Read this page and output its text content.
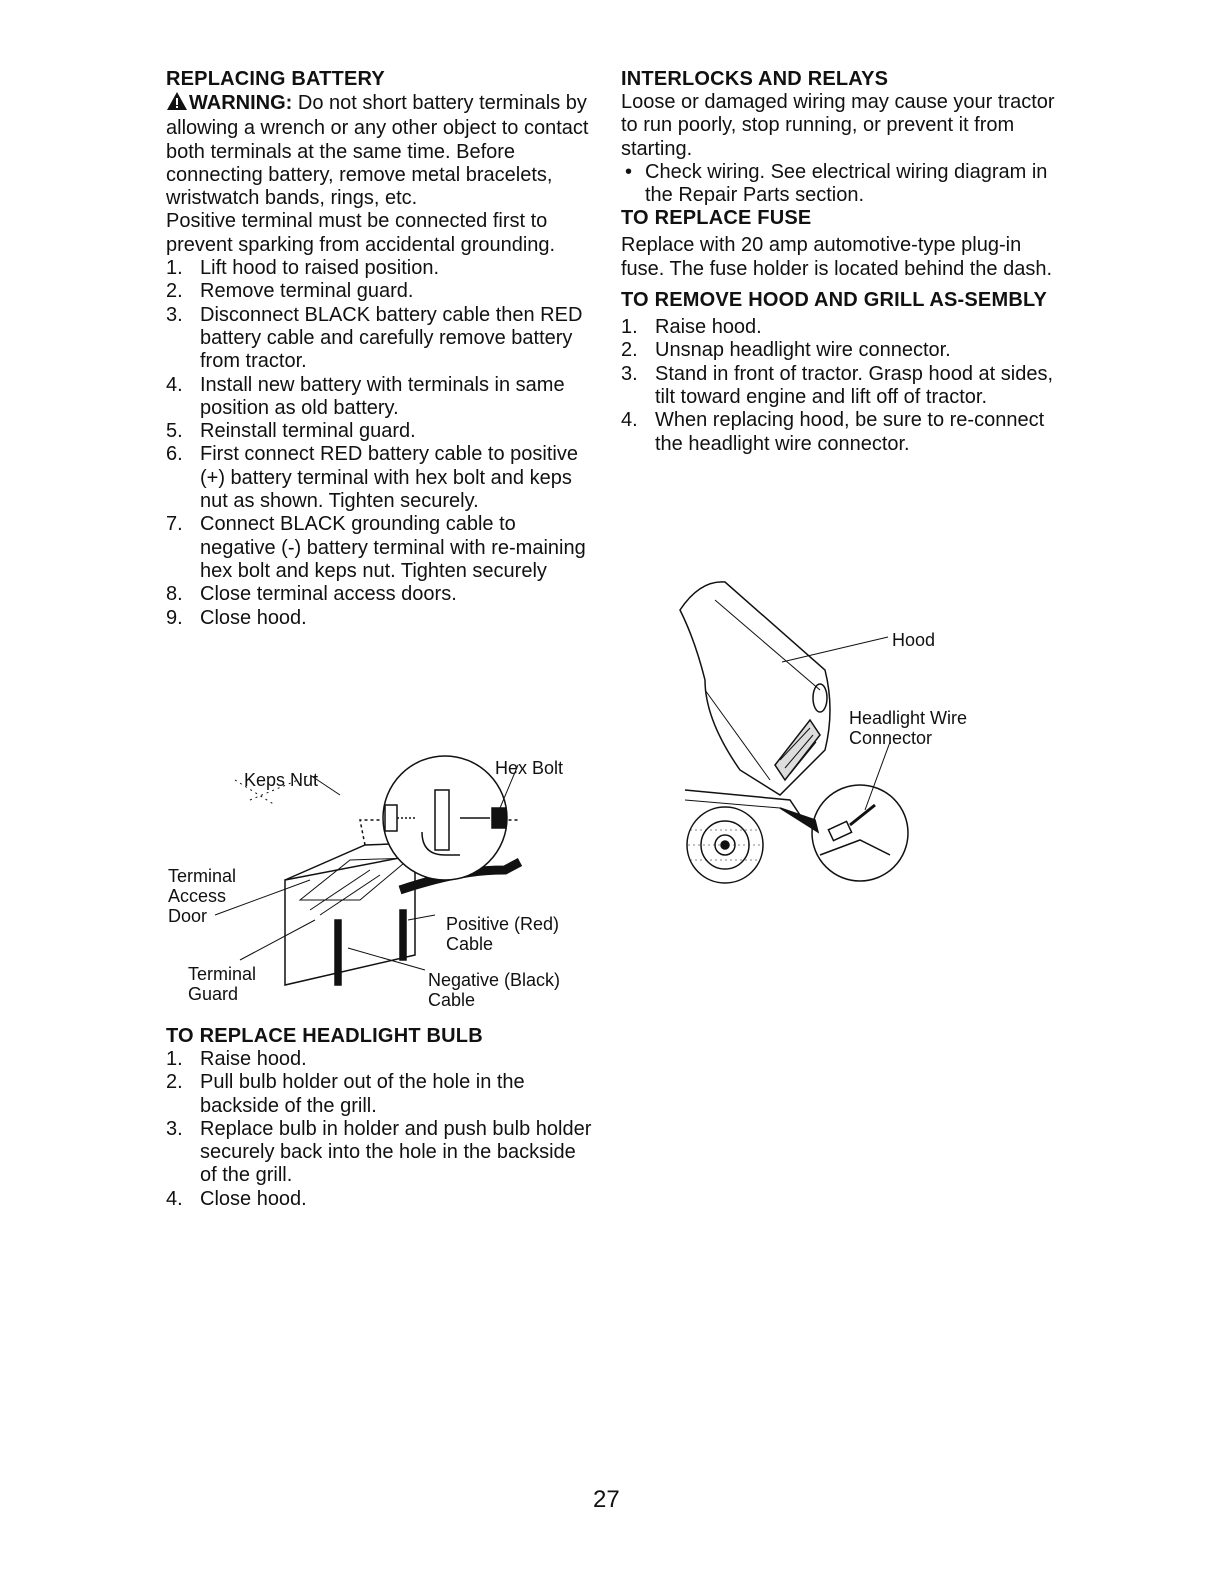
REPLACING BATTERY

WARNING: Do not short battery terminals by allowing a wrench or any other object to contact both terminals at the same time. Before connecting battery, remove metal bracelets, wristwatch bands, rings, etc.

Positive terminal must be connected first to prevent sparking from accidental grounding.

1. Lift hood to raised position.
2. Remove terminal guard.
3. Disconnect BLACK battery cable then RED battery cable and carefully remove battery from tractor.
4. Install new battery with terminals in same position as old battery.
5. Reinstall terminal guard.
6. First connect RED battery cable to positive (+) battery terminal with hex bolt and keps nut as shown. Tighten securely.
7. Connect BLACK grounding cable to negative (-) battery terminal with re-maining hex bolt and keps nut. Tighten securely
8. Close terminal access doors.
9. Close hood.
Keps Nut
Hex Bolt
Terminal
Access
Door	Positive (Red)
Cable
Terminal
Guard
Negative (Black)
Cable

TO REPLACE HEADLIGHT BULB

1. Raise hood.
2. Pull bulb holder out of the hole in the backside of the grill.
3. Replace bulb in holder and push bulb holder securely back into the hole in the backside of the grill.
4. Close hood.

INTERLOCKS AND RELAYS

Loose or damaged wiring may cause your tractor to run poorly, stop running, or prevent it from starting.

• Check wiring. See electrical wiring diagram in the Repair Parts section.

TO REPLACE FUSE

Replace with 20 amp automotive-type plug-in fuse. The fuse holder is located behind the dash.

TO REMOVE HOOD AND GRILL AS-SEMBLY

1. Raise hood.
2. Unsnap headlight wire connector.
3. Stand in front of tractor. Grasp hood at sides, tilt toward engine and lift off of tractor.
4. When replacing hood, be sure to re-connect the headlight wire connector.
Hood
Headlight Wire
Connector
27
